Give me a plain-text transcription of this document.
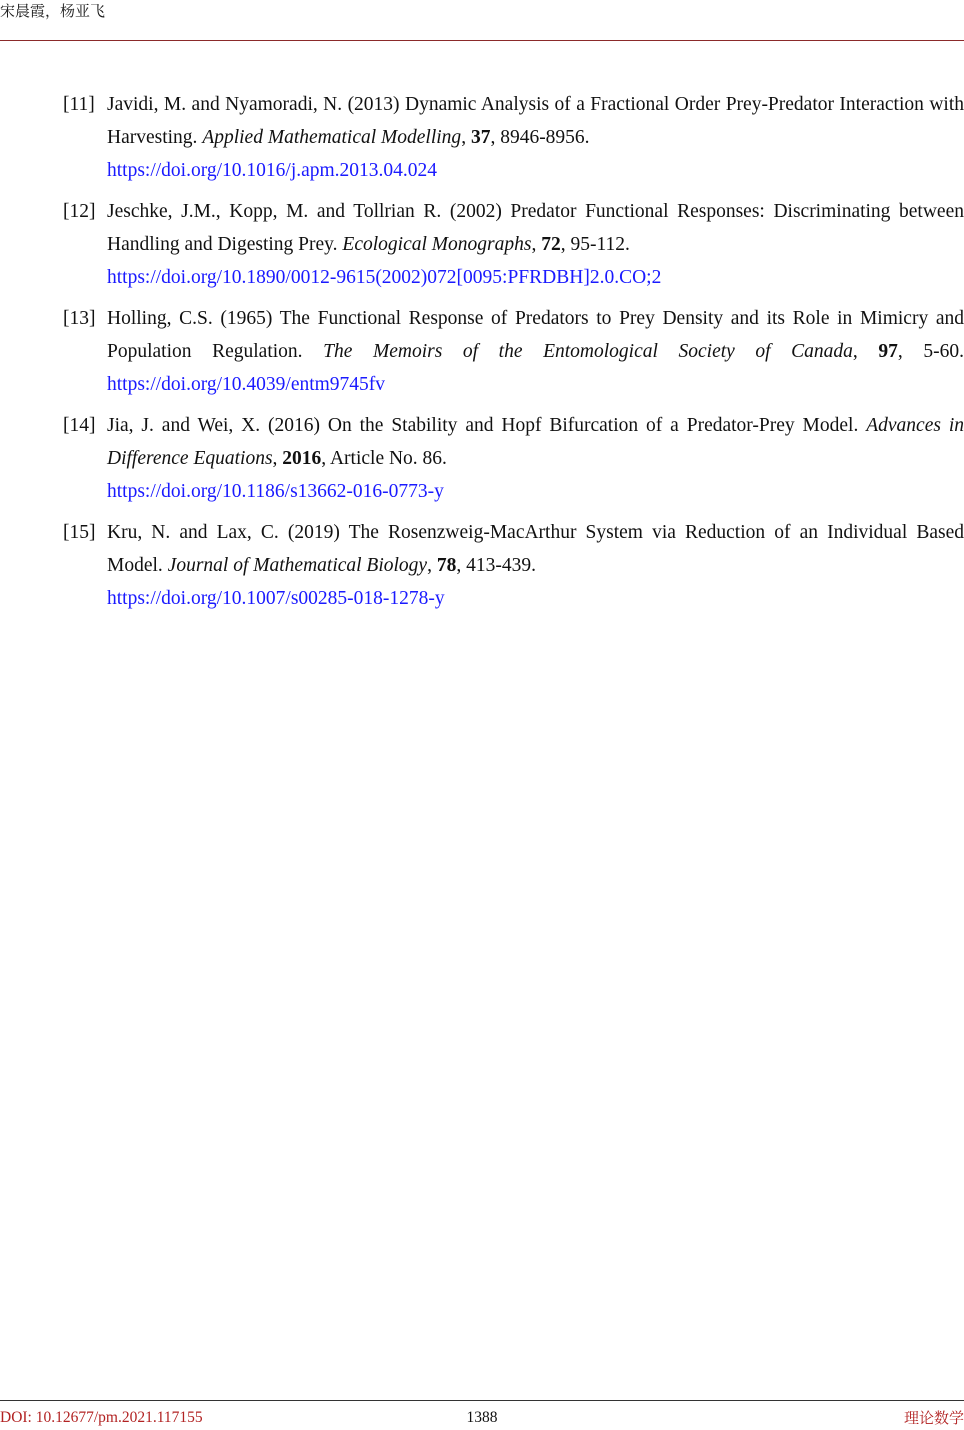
宋晨霞，杨亚飞
[11] Javidi, M. and Nyamoradi, N. (2013) Dynamic Analysis of a Fractional Order Prey-Predator Interaction with Harvesting. Applied Mathematical Modelling, 37, 8946-8956.
https://doi.org/10.1016/j.apm.2013.04.024
[12] Jeschke, J.M., Kopp, M. and Tollrian R. (2002) Predator Functional Responses: Discriminating between Handling and Digesting Prey. Ecological Monographs, 72, 95-112.
https://doi.org/10.1890/0012-9615(2002)072[0095:PFRDBH]2.0.CO;2
[13] Holling, C.S. (1965) The Functional Response of Predators to Prey Density and its Role in Mimicry and Population Regulation. The Memoirs of the Entomological Society of Canada, 97, 5-60. https://doi.org/10.4039/entm9745fv
[14] Jia, J. and Wei, X. (2016) On the Stability and Hopf Bifurcation of a Predator-Prey Model. Advances in Difference Equations, 2016, Article No. 86.
https://doi.org/10.1186/s13662-016-0773-y
[15] Kru, N. and Lax, C. (2019) The Rosenzweig-MacArthur System via Reduction of an Individual Based Model. Journal of Mathematical Biology, 78, 413-439.
https://doi.org/10.1007/s00285-018-1278-y
DOI: 10.12677/pm.2021.117155	1388	理论数学
